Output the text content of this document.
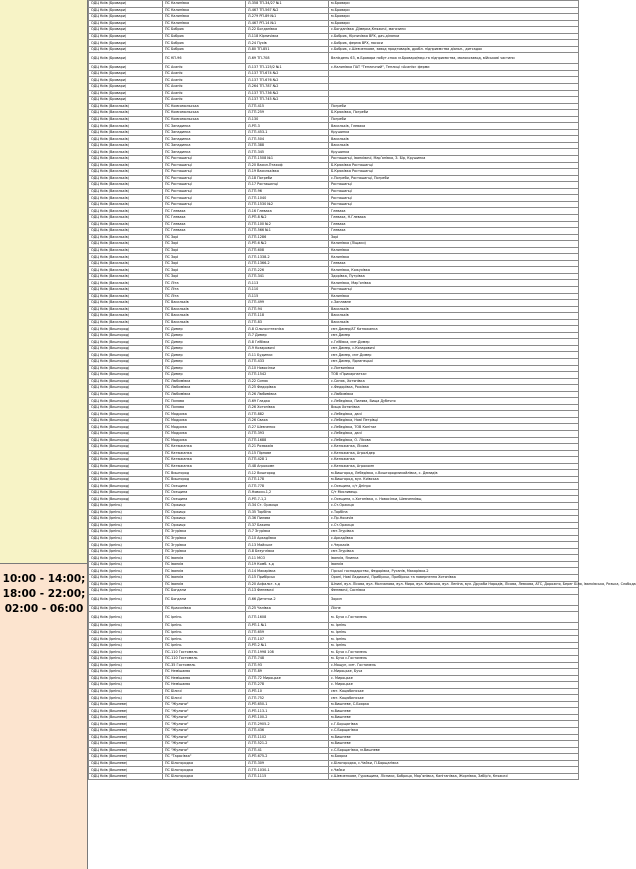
10:00 - 14:00;
18:00 - 22:00;
02:00 - 06:00
ОДЦ Київ (Бровари)	ПС Калинівка	Л-358 ТП-34/27 №1	м.Бровари
ОДЦ Київ (Бровари)	ПС Калинівка	Л-467 ТП-567 №2	м.Бровари
ОДЦ Київ (Бровари)	ПС Калинівка	Л-279 РП-89 №1	м.Бровари
ОДЦ Київ (Бровари)	ПС Калинівка	Л-467 РП-14 №1	м.Бровари
ОДЦ Київ (Бровари)	ПС Бобрик	Л-22 Богданівка	с.Богданівка ,Дімерка,Княжичі, магазини
ОДЦ Київ (Бровари)	ПС Бобрик	Л-118 Кірпичівка	с.Бобрик, Кірпичівка ВРХ, дач.ділянки
ОДЦ Київ (Бровари)	ПС Бобрик	Л-24 Пухів	с.Бобрик, ферма ВРХ, насоси
ОДЦ Київ (Бровари)	ПС Бобрик	Л-80 ТП-851	с.Бобрик, с.Шевченкове, завод продтоварів, дробл. підприємства діяльн., дитсадок
ОДЦ Київ (Бровари)	ПС КП-96	Л-69 ТП-708	Велікдень 63, м.Бровари побут.спож м.Бровари/мкр.та підприємства, молокозавод, військові частини
ОДЦ Київ (Бровари)	ПС Асанія	Л-137 ТП-125/2 №1	с.Калинівка ПАТ "Тепличний", Теплиці «Асанія» ферми
ОДЦ Київ (Бровари)	ПС Асанія	Л-137 ТП-674 №2	
ОДЦ Київ (Бровари)	ПС Асанія	Л-137 ТП-676 №2	
ОДЦ Київ (Бровари)	ПС Асанія	Л-264 ТП-787 №2	
ОДЦ Київ (Бровари)	ПС Асанія	Л-137 ТП-736 №2	
ОДЦ Київ (Бровари)	ПС Асанія	Л-137 ТП-745 №2	
ОДЦ Київ (Васильків)	ПС Комсомольська	Л-ТП-415	Погреби
ОДЦ Київ (Васильків)	ПС Комсомольська	Л-ТП-259	Б.Крюківка, Погреби
ОДЦ Київ (Васильків)	ПС Комсомольська	Л-130	Погреби
ОДЦ Київ (Васильків)	ПС Западинка	Л-РП-3	Васильків, Глеваха
ОДЦ Київ (Васильків)	ПС Западинка	Л-ТП-453-1	Крушинка
ОДЦ Київ (Васильків)	ПС Западинка	Л-ТП-504	Васильків
ОДЦ Київ (Васильків)	ПС Западинка	Л-ТП-388	Васильків
ОДЦ Київ (Васильків)	ПС Западинка	Л-ТП-345	Крушинка
ОДЦ Київ (Васильків)	ПС Росташинці	Л-ТП-1508 №1	Росташинці, Іванківичі, Марʼянівка, З. Бір, Крушинка
ОДЦ Київ (Васильків)	ПС Росташинці	Л-20 Васил.Птахоф	Б.Крюківка Росташинці
ОДЦ Київ (Васильків)	ПС Росташинці	Л-19 Васильківка	Б.Крюківка Росташинці
ОДЦ Київ (Васильків)	ПС Росташинці	Л-18 Погреби	с.Погреби, Росташинці, Погреби
ОДЦ Київ (Васильків)	ПС Росташинці	Л-17 Росташинці	Росташинці
ОДЦ Київ (Васильків)	ПС Росташинці	Л-ТП-96	Росташинці
ОДЦ Київ (Васильків)	ПС Росташинці	Л-ТП-1040	Росташинці
ОДЦ Київ (Васильків)	ПС Росташинці	Л-ТП-1530 №2	Росташинці
ОДЦ Київ (Васильків)	ПС Глеваха	Л-16 Глеваха	Глеваха
ОДЦ Київ (Васильків)	ПС Глеваха	Л-РП-8 №2	Глеваха, Н.Глеваха
ОДЦ Київ (Васильків)	ПС Глеваха	Л-ТП-100 №2	Глеваха
ОДЦ Київ (Васильків)	ПС Глеваха	Л-ТП-566 №1	Глеваха
ОДЦ Київ (Васильків)	ПС Зорі	Л-ТП-1286	Зорі
ОДЦ Київ (Васильків)	ПС Зорі	Л-РП-6 №2	Калинівка (Ліщаки)
ОДЦ Київ (Васильків)	ПС Зорі	Л-ТП-608	Калинівка
ОДЦ Київ (Васильків)	ПС Зорі	Л-ТП-1338-2	Калинівка
ОДЦ Київ (Васильків)	ПС Зорі	Л-ТП-1366-2	Глеваха
ОДЦ Київ (Васильків)	ПС Зорі	Л-ТП-226	Калинівка, Кожухівка
ОДЦ Київ (Васильків)	ПС Зорі	Л-ТП-341	Здорівка, Путрівка
ОДЦ Київ (Васильків)	ПС Літа	Л-113	Калинівка, Марʼянівка
ОДЦ Київ (Васильків)	ПС Літа	Л-110	Росташинці
ОДЦ Київ (Васильків)	ПС Літа	Л-115	Калинівка
ОДЦ Київ (Васильків)	ПС Васильків	Л-ТП-499	с.Заплавне
ОДЦ Київ (Васильків)	ПС Васильків	Л-ТП-94	Васильків
ОДЦ Київ (Васильків)	ПС Васильків	Л-ТП-118	Васильків
ОДЦ Київ (Васильків)	ПС Васильків	Л-ТП-83	Васильків
ОДЦ Київ (Вишгород)	ПС Димер	Л-8 Сільгосптехніка	смт.Димер/АТ Катюжанка
ОДЦ Київ (Вишгород)	ПС Димер	Л-7 Димер	смт.Димер
ОДЦ Київ (Вишгород)	ПС Димер	Л-8 Глібівка	с.Глібівка, смт.Димер
ОДЦ Київ (Вишгород)	ПС Димер	Л-9 Козаровичі	смт.Димер, с.Козаровичі
ОДЦ Київ (Вишгород)	ПС Димер	Л-11 Будинки	смт.Димер, смт.Димер
ОДЦ Київ (Вишгород)	ПС Димер	Л-ТП-433	смт.Димер, Ядлинецькі
ОДЦ Київ (Вишгород)	ПС Димер	Л-10 Новосілки	с.Литвинівка
ОДЦ Київ (Вишгород)	ПС Димер	Л-ТП-1542	ТОВ «Прикарпатка»
ОДЦ Київ (Вишгород)	ПС Любимівка	Л-22 Синяк	с.Синяк, Хотянівка
ОДЦ Київ (Вишгород)	ПС Любимівка	Л-25 Федорівка	с.Федорівка, Рожівка
ОДЦ Київ (Вишгород)	ПС Любимівка	Л-26 Любимівка	с.Любимівка
ОДЦ Київ (Вишгород)	ПС Пилява	Л-69 Гладко	с.Лебедівка, Пилява, Вища Дубечня
ОДЦ Київ (Вишгород)	ПС Пилява	Л-26 Хотянівка	Вища Хотянівка
ОДЦ Київ (Вишгород)	ПС Модрика	Л-ТП-882	с.Лебедівка, дачі
ОДЦ Київ (Вишгород)	ПС Модрика	Л-26 Сваха	с.Лебедівка, Нові Петрівці
ОДЦ Київ (Вишгород)	ПС Модрика	Л-27 Шевченко	с.Лебедівка, ТОВ Капітал
ОДЦ Київ (Вишгород)	ПС Модрика	Л-ТП-393	с.Лебедівка, дачі
ОДЦ Київ (Вишгород)	ПС Модрика	Л-ТП-1688	с.Лебедівка, О. Лісова
ОДЦ Київ (Вишгород)	ПС Катюжанка	Л-21 Розважів	с.Катюжанка, Лісова
ОДЦ Київ (Вишгород)	ПС Катюжанка	Л-15 Пірнове	с.Катюжанка, Агролідер
ОДЦ Київ (Вишгород)	ПС Катюжанка	Л-ТП-428 1	с.Катюжанка
ОДЦ Київ (Вишгород)	ПС Катюжанка	Л-48 Агрокомп	с.Катюжанка, Агрокомп
ОДЦ Київ (Вишгород)	ПС Вишгород	Л-12 Вишгород	м.Вишгород, Лебедівка, с.Вишгородмихайлівка, с. Демидів
ОДЦ Київ (Вишгород)	ПС Вишгород	Л-ТП-178	м.Вишгород, вул. Київська
ОДЦ Київ (Вишгород)	ПС Осещина	Л-ТП-778	с.Осещина, с/т Дніпро
ОДЦ Київ (Вишгород)	ПС Осещина	Л-Новоси-1,2	С/т Мисливець
ОДЦ Київ (Вишгород)	ПС Осещина	Л-РП-7-1,2	с.Осещина, с.Хотянівка, с. Новосілки, Шевченківщ
ОДЦ Київ (Ірпінь)	ПС Оржиця	Л-34 Ст. Оржиця	с.Ст.Оржиця
ОДЦ Київ (Ірпінь)	ПС Оржиця	Л-35 Торбіна	с.Торбіна
ОДЦ Київ (Ірпінь)	ПС Оржиця	Л-36 Пилява	с.Пр.Носачів
ОДЦ Київ (Ірпінь)	ПС Оржиця	Л-37 Бакино	с.Ст.Оржиця
ОДЦ Київ (Ірпінь)	ПС Згурівка	Л-7 Згурівка	смт.Згурівка
ОДЦ Київ (Ірпінь)	ПС Згурівка	Л-10 Аркадіївка	с.Аркадіївка
ОДЦ Київ (Ірпінь)	ПС Згурівка	Л-13 Майське	с.Черкасів
ОДЦ Київ (Ірпінь)	ПС Згурівка	Л-8 Безуглівка	смт.Згурівка
ОДЦ Київ (Ірпінь)	ПС Іванків	Л-11 МСО	Іванків, Ялинка
ОДЦ Київ (Ірпінь)	ПС Іванків	Л-19 Комб. з-д	Іванків
ОДЦ Київ (Ірпінь)	ПС Іванків	Л-14 Макарівка	Гірські господарство, Федорівка, Русанів, Макарівка-2
ОДЦ Київ (Ірпінь)	ПС Іванків	Л-15 Прибірськ	Орані, Нові Ладижичі, Прибірськ, Прибірськ та повернення Хотянівка
ОДЦ Київ (Ірпінь)	ПС Іванків	Л-20 Асфальт. з-д	Шпилі, вул. Лісова, вул. Молчанова, вул. Мира, вул. Київська, вул. Леніна, вул. Дружби Народів, Лісова, Левкова, АТС, Дорожня, Берег Біля, Іванківська, Ризька, Слобода
ОДЦ Київ (Ірпінь)	ПС Богдани	Л-13 Феневичі	Феневичі, Соснівка
ОДЦ Київ (Ірпінь)	ПС Богдани	Л-66 Дитятки-2	Зорин
ОДЦ Київ (Ірпінь)	ПС Красилівка	Л-25 Чалівка	Лісне
ОДЦ Київ (Ірпінь)	ПС Ірпінь	Л-ТП-1608	м. Буча с.Гостомель
ОДЦ Київ (Ірпінь)	ПС Ірпінь	Л-РП-1 №1	м. Ірпінь
ОДЦ Київ (Ірпінь)	ПС Ірпінь	Л-ТП-659	м. Ірпінь
ОДЦ Київ (Ірпінь)	ПС Ірпінь	Л-ТП-107	м. Ірпінь
ОДЦ Київ (Ірпінь)	ПС Ірпінь	Л-РП-2 №1	м. Ірпінь
ОДЦ Київ (Ірпінь)	ПС-110 Гостомель	Л-ТП-1998 108	м. Буча с.Гостомель
ОДЦ Київ (Ірпінь)	ПС-110 Гостомель	Л-ТП-748	м. Буча с.Гостомель
ОДЦ Київ (Ірпінь)	ПС-35 Гостомель	Л-ТП-93	с.Мощун, смт. Гостомель
ОДЦ Київ (Ірпінь)	ПС Немішаєво	Л-ТП-89	с.Мироцьке, Буча
ОДЦ Київ (Ірпінь)	ПС Немішаєво	Л-ТП-72 Мироцьке	с. Мироцьке
ОДЦ Київ (Ірпінь)	ПС Немішаєво	Л-ТП-278	с. Мироцьке
ОДЦ Київ (Ірпінь)	ПС Біличі	Л-РП-10	смт. Коцюбинське
ОДЦ Київ (Ірпінь)	ПС Біличі	Л-ТП-752	смт. Коцюбинське
ОДЦ Київ (Вишневе)	ПС "Жуляни"	Л-РП-650-1	м.Вишневе, С.Боярка
ОДЦ Київ (Вишневе)	ПС "Жуляни"	Л-РП-113-1	м.Вишневе
ОДЦ Київ (Вишневе)	ПС "Жуляни"	Л-РП-100-2	м.Вишневе
ОДЦ Київ (Вишневе)	ПС "Жуляни"	Л-ТП-2905-2	с.Г.Борщагівка
ОДЦ Київ (Вишневе)	ПС "Жуляни"	Л-ТП-436	с.С.Борщагівка
ОДЦ Київ (Вишневе)	ПС "Жуляни"	Л-ТП-1102	м.Вишневе
ОДЦ Київ (Вишневе)	ПС "Жуляни"	Л-ТП-521-2	м.Вишневе
ОДЦ Київ (Вишневе)	ПС "Жуляни"	Л-ТП-41	с.С.Борщагівка, м.Вишневе
ОДЦ Київ (Вишневе)	ПС "Тарасівка"	Л-РП-675-2	м.Боярка
ОДЦ Київ (Вишневе)	ПС Білогородка	Л-ТП-309	с.Білогородка, с.Чайки, П.Борщагівка
ОДЦ Київ (Вишневе)	ПС Білогородка	Л-ТП-1030-1	с.Чайки
ОДЦ Київ (Вишневе)	ПС Білогородка	Л-ТП-1115	с.Шевченкове, Гуровщина, Лісники, Бобриця, Марʼянівка, Капітанівка, Жорнівка, Забір'я, Княжичі
